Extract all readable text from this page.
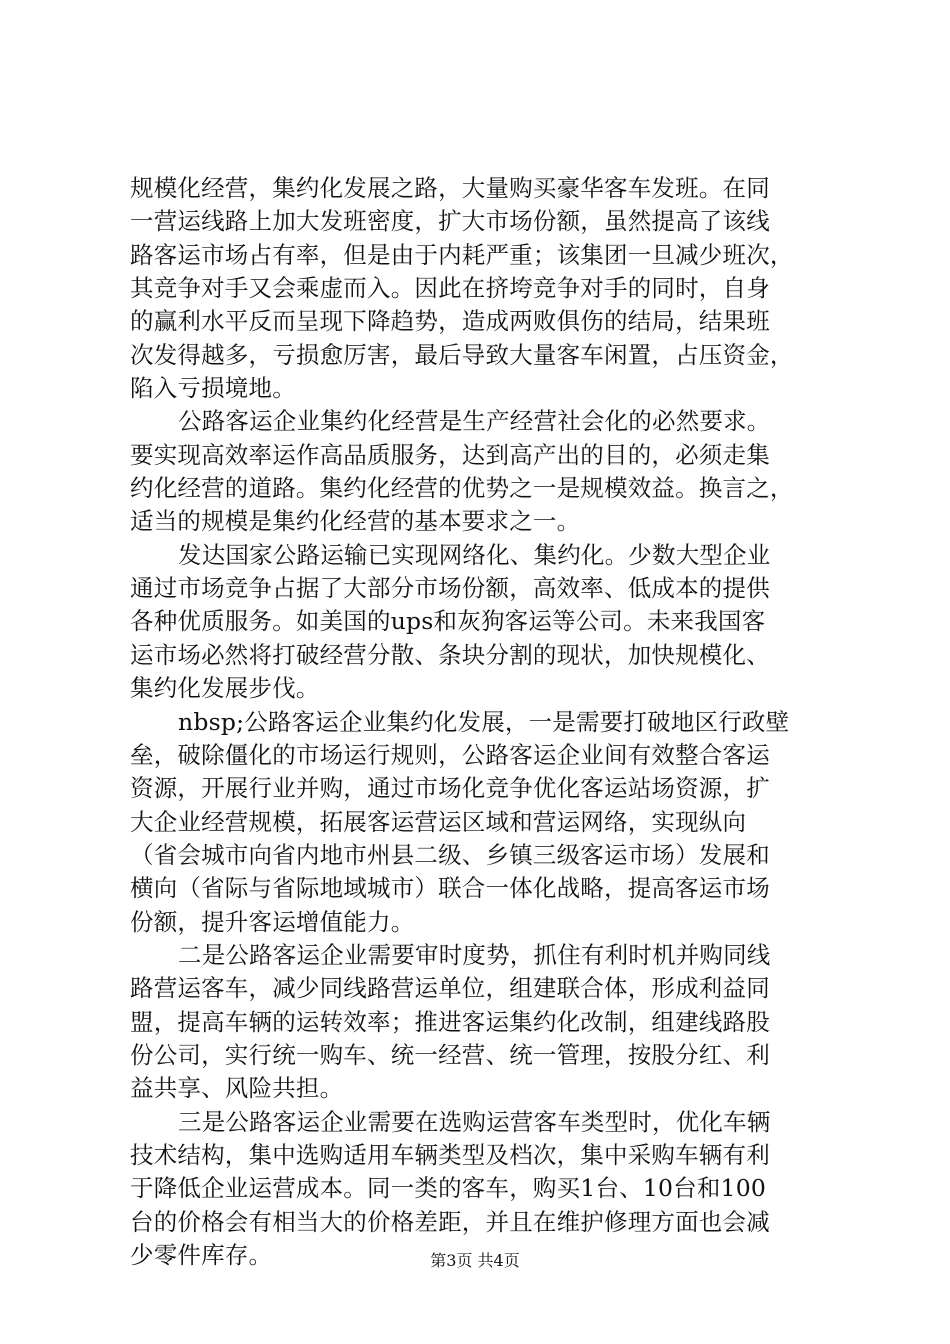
规模化经营，集约化发展之路，大量购买豪华客车发班。在同
一营运线路上加大发班密度，扩大市场份额，虽然提高了该线
路客运市场占有率，但是由于内耗严重；该集团一旦减少班次，
其竞争对手又会乘虚而入。因此在挤垮竞争对手的同时，自身
的赢利水平反而呈现下降趋势，造成两败俱伤的结局，结果班
次发得越多，亏损愈厉害，最后导致大量客车闲置，占压资金，
陷入亏损境地。
公路客运企业集约化经营是生产经营社会化的必然要求。
要实现高效率运作高品质服务，达到高产出的目的，必须走集
约化经营的道路。集约化经营的优势之一是规模效益。换言之，
适当的规模是集约化经营的基本要求之一。
发达国家公路运输已实现网络化、集约化。少数大型企业
通过市场竞争占据了大部分市场份额，高效率、低成本的提供
各种优质服务。如美国的ups和灰狗客运等公司。未来我国客
运市场必然将打破经营分散、条块分割的现状，加快规模化、
集约化发展步伐。
nbsp;公路客运企业集约化发展，一是需要打破地区行政壁
垒，破除僵化的市场运行规则，公路客运企业间有效整合客运
资源，开展行业并购，通过市场化竞争优化客运站场资源，扩
大企业经营规模，拓展客运营运区域和营运网络，实现纵向
（省会城市向省内地市州县二级、乡镇三级客运市场）发展和
横向（省际与省际地域城市）联合一体化战略，提高客运市场
份额，提升客运增值能力。
二是公路客运企业需要审时度势，抓住有利时机并购同线
路营运客车，减少同线路营运单位，组建联合体，形成利益同
盟，提高车辆的运转效率；推进客运集约化改制，组建线路股
份公司，实行统一购车、统一经营、统一管理，按股分红、利
益共享、风险共担。
三是公路客运企业需要在选购运营客车类型时，优化车辆
技术结构，集中选购适用车辆类型及档次，集中采购车辆有利
于降低企业运营成本。同一类的客车，购买1台、10台和100
台的价格会有相当大的价格差距，并且在维护修理方面也会减
少零件库存。	第3页 共4页
